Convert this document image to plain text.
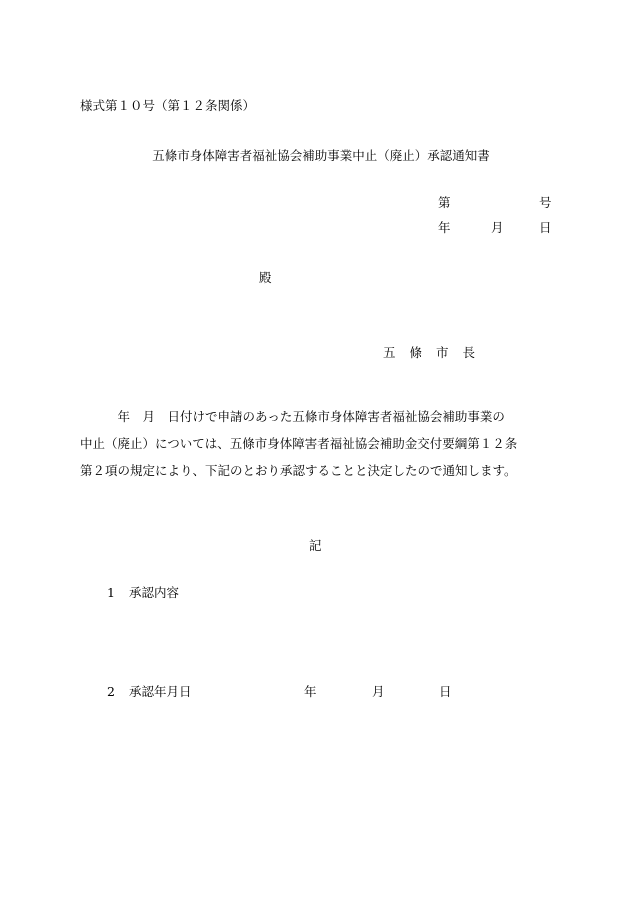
様式第１０号（第１２条関係）
五條市身体障害者福祉協会補助事業中止（廃止）承認通知書
第	号
年	月	日
殿
五 條 市 長
　　　年　月　日付けで申請のあった五條市身体障害者福祉協会補助事業の
中止（廃止）については、五條市身体障害者福祉協会補助金交付要綱第１２条
第２項の規定により、下記のとおり承認することと決定したので通知します。
記
1 承認内容
2 承認年月日	年	月	日
